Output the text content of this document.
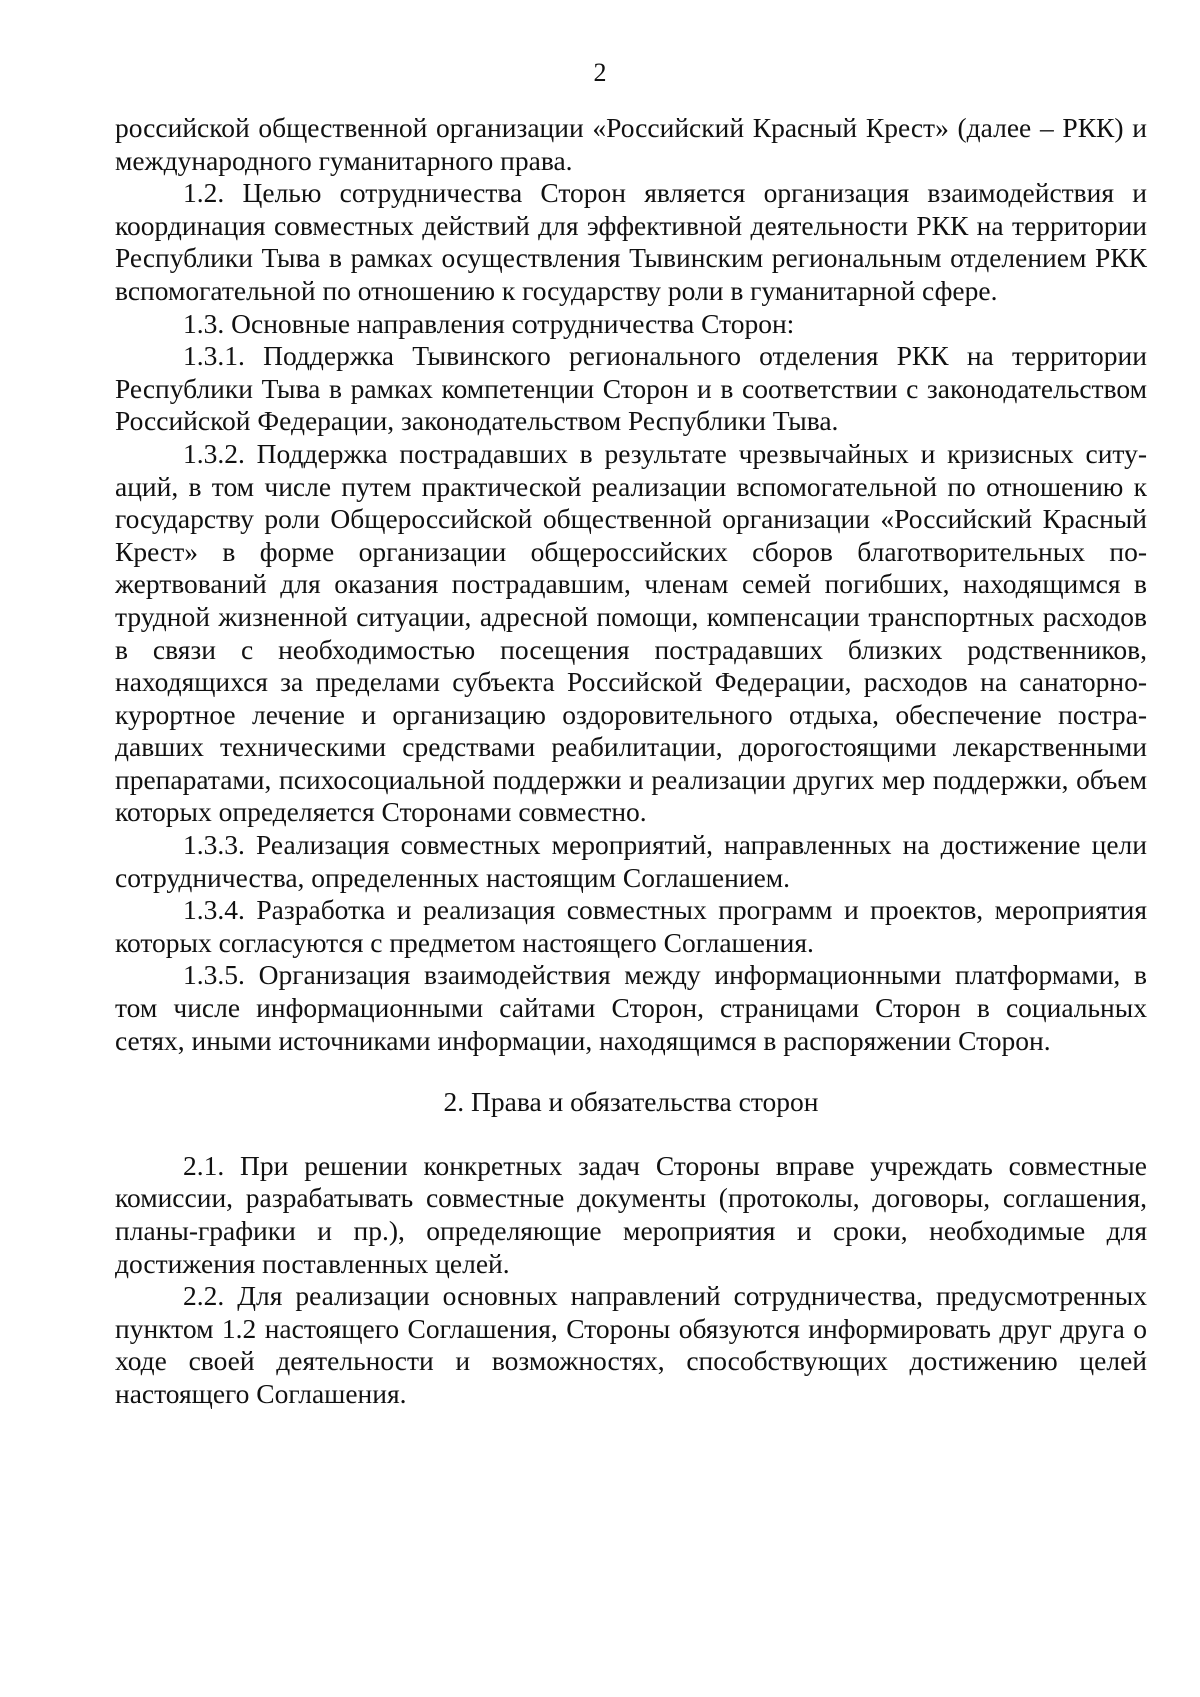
2

российской общественной организации «Российский Красный Крест» (далее – РКК) и международного гуманитарного права.

1.2. Целью сотрудничества Сторон является организация взаимодействия и координация совместных действий для эффективной деятельности РКК на территории Республики Тыва в рамках осуществления Тывинским региональным отделением РКК вспомогательной по отношению к государству роли в гуманитарной сфере.

1.3. Основные направления сотрудничества Сторон:

1.3.1. Поддержка Тывинского регионального отделения РКК на территории Республики Тыва в рамках компетенции Сторон и в соответствии с законодательством Российской Федерации, законодательством Республики Тыва.

1.3.2. Поддержка пострадавших в результате чрезвычайных и кризисных ситуаций, в том числе путем практической реализации вспомогательной по отношению к государству роли Общероссийской общественной организации «Российский Красный Крест» в форме организации общероссийских сборов благотворительных пожертвований для оказания пострадавшим, членам семей погибших, находящимся в трудной жизненной ситуации, адресной помощи, компенсации транспортных расходов в связи с необходимостью посещения пострадавших близких родственников, находящихся за пределами субъекта Российской Федерации, расходов на санаторно-курортное лечение и организацию оздоровительного отдыха, обеспечение пострадавших техническими средствами реабилитации, дорогостоящими лекарственными препаратами, психосоциальной поддержки и реализации других мер поддержки, объем которых определяется Сторонами совместно.

1.3.3. Реализация совместных мероприятий, направленных на достижение цели сотрудничества, определенных настоящим Соглашением.

1.3.4. Разработка и реализация совместных программ и проектов, мероприятия которых согласуются с предметом настоящего Соглашения.

1.3.5. Организация взаимодействия между информационными платформами, в том числе информационными сайтами Сторон, страницами Сторон в социальных сетях, иными источниками информации, находящимся в распоряжении Сторон.

2. Права и обязательства сторон

2.1. При решении конкретных задач Стороны вправе учреждать совместные комиссии, разрабатывать совместные документы (протоколы, договоры, соглашения, планы-графики и пр.), определяющие мероприятия и сроки, необходимые для достижения поставленных целей.

2.2. Для реализации основных направлений сотрудничества, предусмотренных пунктом 1.2 настоящего Соглашения, Стороны обязуются информировать друг друга о ходе своей деятельности и возможностях, способствующих достижению целей настоящего Соглашения.
